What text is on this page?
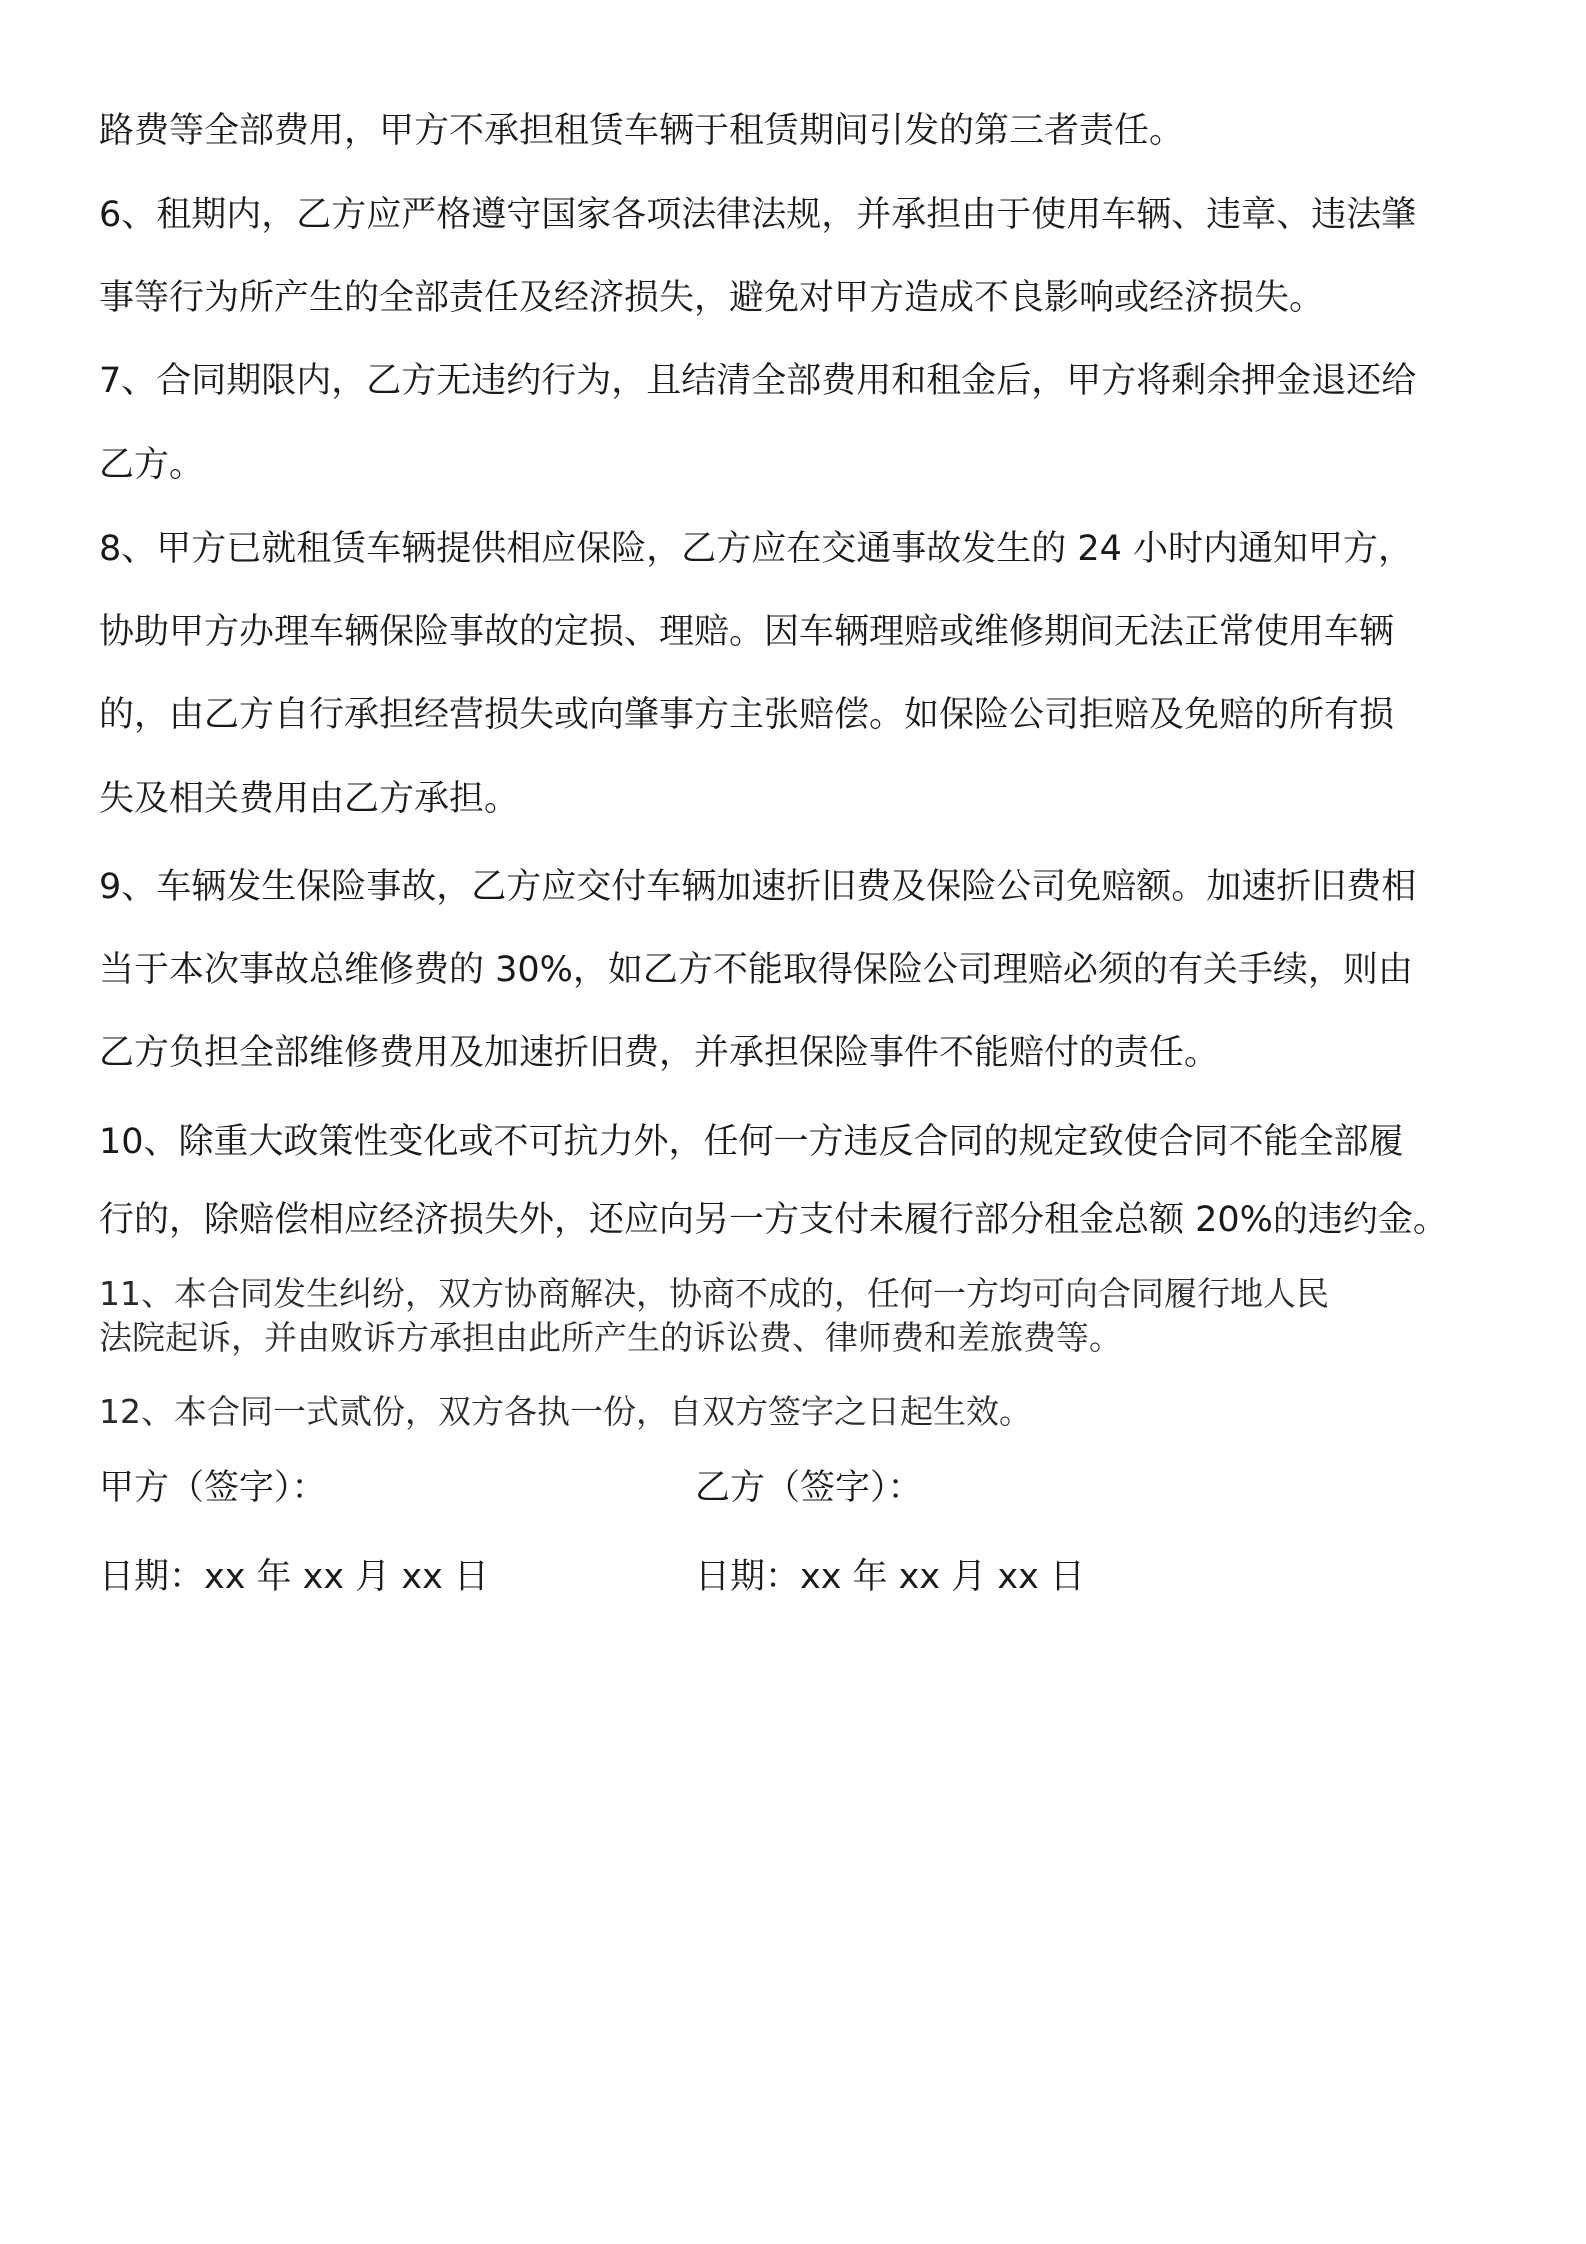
路费等全部费用，甲方不承担租赁车辆于租赁期间引发的第三者责任。
6、租期内，乙方应严格遵守国家各项法律法规，并承担由于使用车辆、违章、违法肇
事等行为所产生的全部责任及经济损失，避免对甲方造成不良影响或经济损失。
7、合同期限内，乙方无违约行为，且结清全部费用和租金后，甲方将剩余押金退还给
乙方。
8、甲方已就租赁车辆提供相应保险，乙方应在交通事故发生的 24 小时内通知甲方，
协助甲方办理车辆保险事故的定损、理赔。因车辆理赔或维修期间无法正常使用车辆
的，由乙方自行承担经营损失或向肇事方主张赔偿。如保险公司拒赔及免赔的所有损
失及相关费用由乙方承担。
9、车辆发生保险事故，乙方应交付车辆加速折旧费及保险公司免赔额。加速折旧费相
当于本次事故总维修费的 30%，如乙方不能取得保险公司理赔必须的有关手续，则由
乙方负担全部维修费用及加速折旧费，并承担保险事件不能赔付的责任。
10、除重大政策性变化或不可抗力外，任何一方违反合同的规定致使合同不能全部履
行的，除赔偿相应经济损失外，还应向另一方支付未履行部分租金总额 20%的违约金。
11、本合同发生纠纷，双方协商解决，协商不成的，任何一方均可向合同履行地人民
法院起诉，并由败诉方承担由此所产生的诉讼费、律师费和差旅费等。
12、本合同一式贰份，双方各执一份，自双方签字之日起生效。
甲方（签字）：	乙方（签字）：
日期：xx 年 xx 月 xx 日	日期：xx 年 xx 月 xx 日
